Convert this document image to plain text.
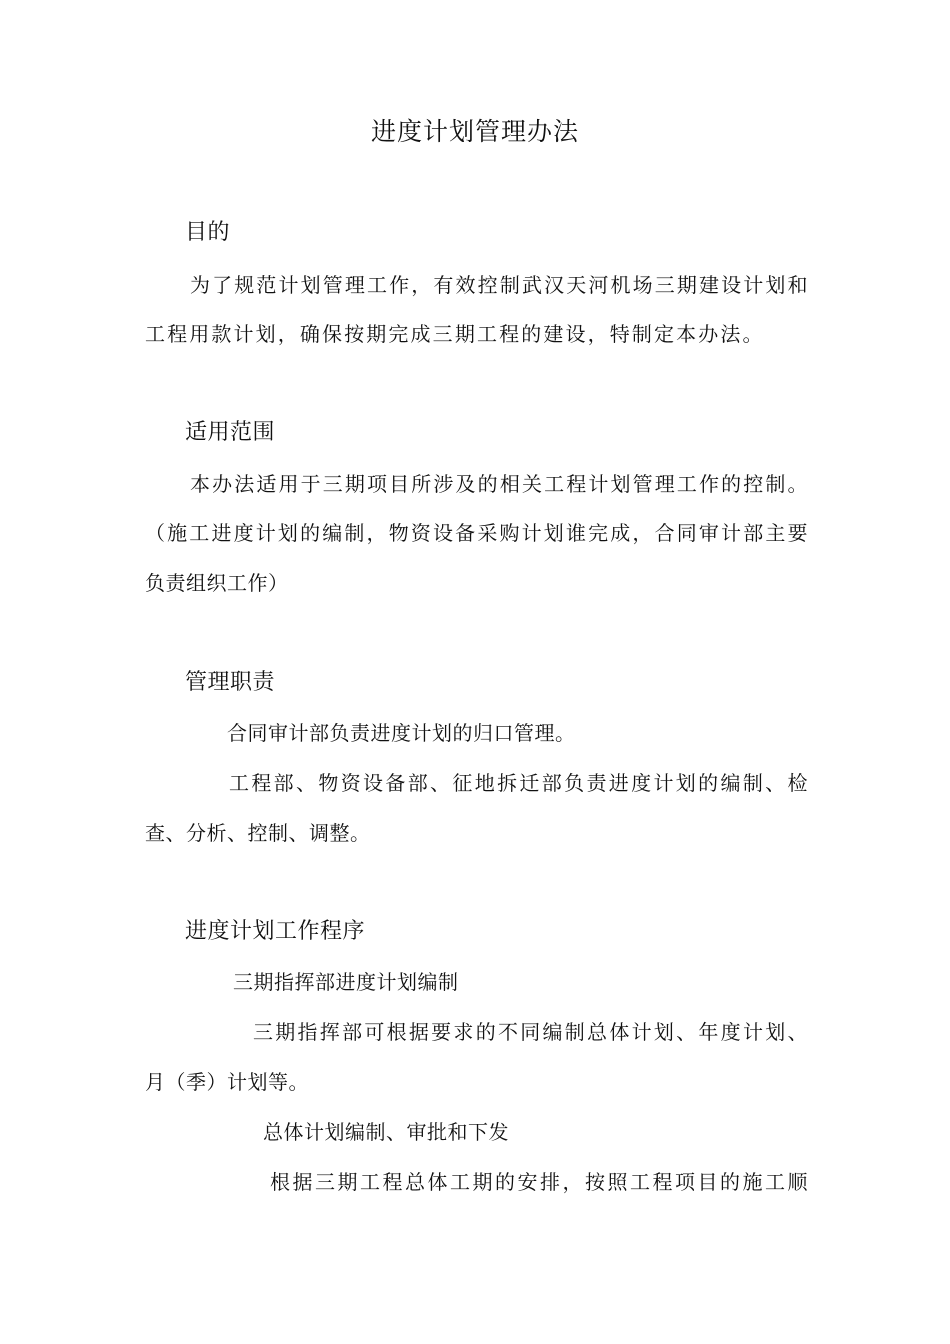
进度计划管理办法
目的
为了规范计划管理工作，有效控制武汉天河机场三期建设计划和
工程用款计划，确保按期完成三期工程的建设，特制定本办法。
适用范围
本办法适用于三期项目所涉及的相关工程计划管理工作的控制。
（施工进度计划的编制，物资设备采购计划谁完成，合同审计部主要
负责组织工作）
管理职责
合同审计部负责进度计划的归口管理。
工程部、物资设备部、征地拆迁部负责进度计划的编制、检
查、分析、控制、调整。
进度计划工作程序
三期指挥部进度计划编制
三期指挥部可根据要求的不同编制总体计划、年度计划、
月（季）计划等。
总体计划编制、审批和下发
根据三期工程总体工期的安排，按照工程项目的施工顺
